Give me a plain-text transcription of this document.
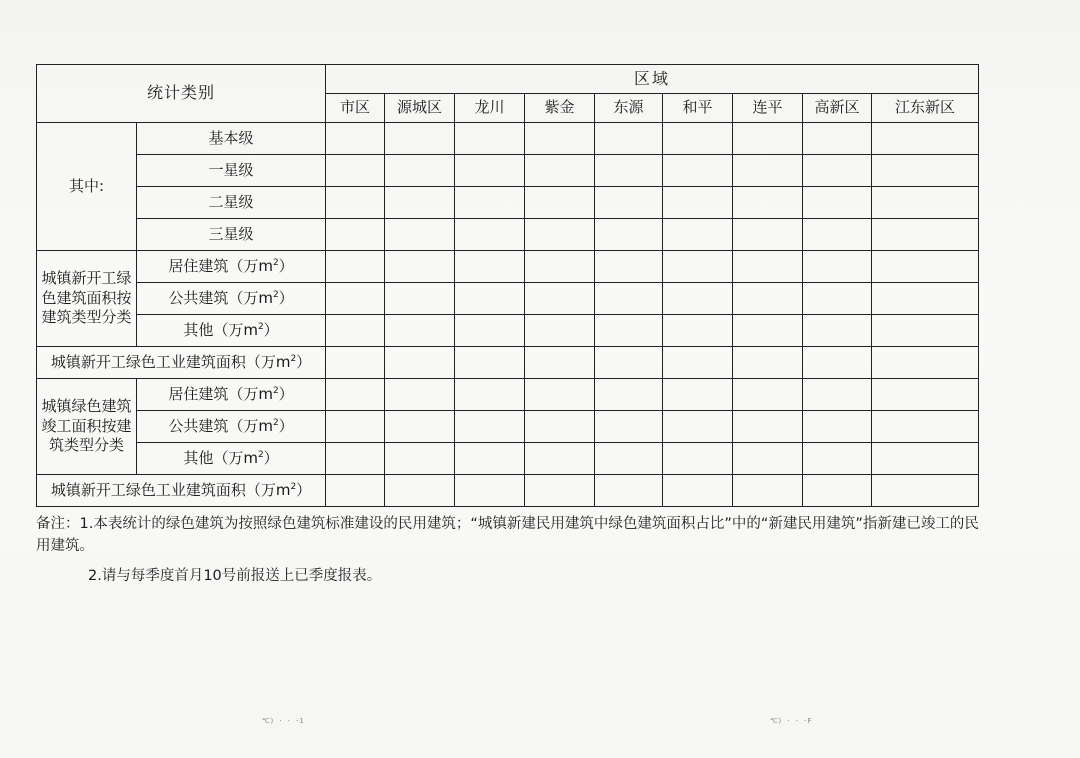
统计类别		区域								
		市区	源城区	龙川	紫金	东源	和平	连平	高新区	江东新区
其中:	基本级									
	一星级									
	二星级									
	三星级									
城镇新开工绿色建筑面积按建筑类型分类	居住建筑（万$m^2$）									
	公共建筑（万$m^2$）									
	其他（万$m^2$）									
城镇新开工绿色工业建筑面积（万$m^2$）										
城镇绿色建筑竣工面积按建筑类型分类	居住建筑（万$m^2$）									
	公共建筑（万$m^2$）									
	其他（万$m^2$）									
城镇新开工绿色工业建筑面积（万$m^2$）										

备注：1.本表统计的绿色建筑为按照绿色建筑标准建设的民用建筑；“城镇新建民用建筑中绿色建筑面积占比”中的“新建民用建筑”指新建已竣工的民用建筑。

2.请与每季度首月10号前报送上已季度报表。

℃) · · ·1	℃) · · ·F
